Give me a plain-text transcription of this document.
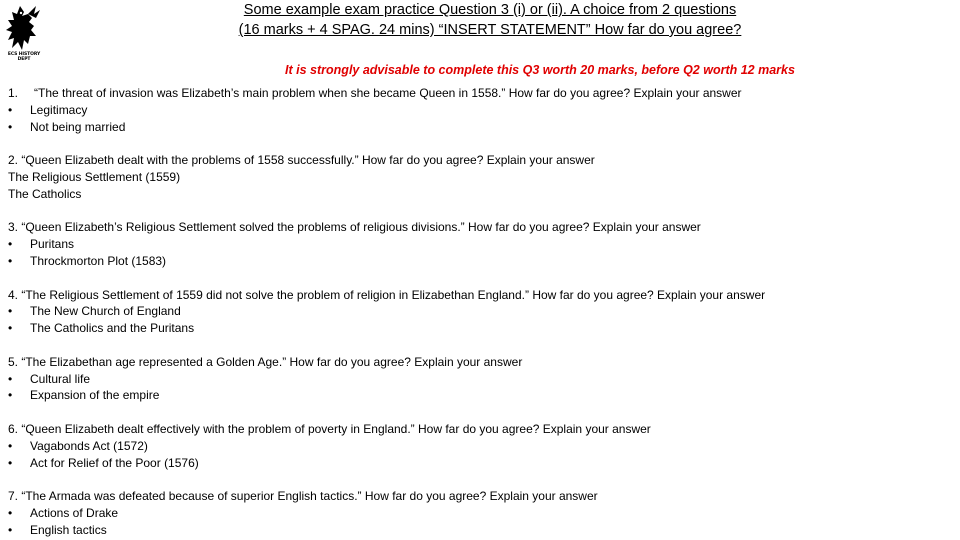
ECS HISTORY
DEPT
Some example exam practice Question 3 (i) or (ii). A choice from 2 questions
(16 marks + 4 SPAG. 24 mins) “INSERT STATEMENT” How far do you agree?

It is strongly advisable to complete this Q3 worth 20 marks, before Q2 worth 12 marks

1. “The threat of invasion was Elizabeth’s main problem when she became Queen in 1558.” How far do you agree? Explain your answer
• Legitimacy
• Not being married
2. “Queen Elizabeth dealt with the problems of 1558 successfully.” How far do you agree? Explain your answer
The Religious Settlement (1559)
The Catholics
3. “Queen Elizabeth’s Religious Settlement solved the problems of religious divisions.” How far do you agree? Explain your answer
• Puritans
• Throckmorton Plot (1583)
4. “The Religious Settlement of 1559 did not solve the problem of religion in Elizabethan England.” How far do you agree? Explain your answer
• The New Church of England
• The Catholics and the Puritans
5. “The Elizabethan age represented a Golden Age.” How far do you agree? Explain your answer
• Cultural life
• Expansion of the empire
6. “Queen Elizabeth dealt effectively with the problem of poverty in England.” How far do you agree? Explain your answer
• Vagabonds Act (1572)
• Act for Relief of the Poor (1576)
7. “The Armada was defeated because of superior English tactics.” How far do you agree? Explain your answer
• Actions of Drake
• English tactics
